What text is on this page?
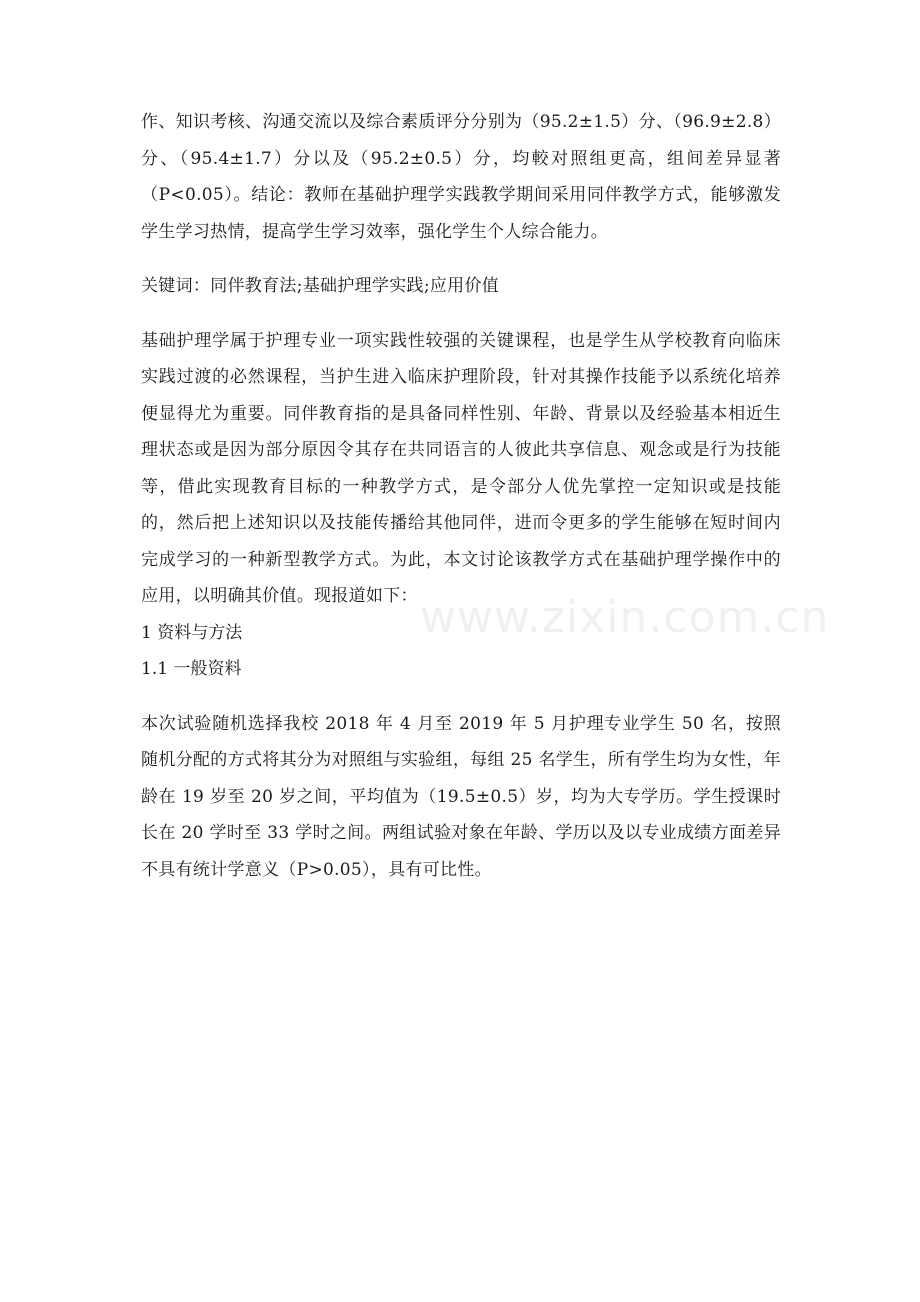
作、知识考核、沟通交流以及综合素质评分分别为（95.2±1.5）分、（96.9±2.8）分、（95.4±1.7）分以及（95.2±0.5）分，均較对照组更高，组间差异显著（P<0.05）。结论：教师在基础护理学实践教学期间采用同伴教学方式，能够激发学生学习热情，提高学生学习效率，强化学生个人综合能力。

关键词：同伴教育法;基础护理学实践;应用价值

基础护理学属于护理专业一项实践性较强的关键课程，也是学生从学校教育向临床实践过渡的必然课程，当护生进入临床护理阶段，针对其操作技能予以系统化培养便显得尤为重要。同伴教育指的是具备同样性别、年龄、背景以及经验基本相近生理状态或是因为部分原因令其存在共同语言的人彼此共享信息、观念或是行为技能等，借此实现教育目标的一种教学方式，是令部分人优先掌控一定知识或是技能的，然后把上述知识以及技能传播给其他同伴，进而令更多的学生能够在短时间内完成学习的一种新型教学方式。为此，本文讨论该教学方式在基础护理学操作中的应用，以明确其价值。现报道如下：

1 资料与方法

1.1 一般资料

本次试验随机选择我校 2018 年 4 月至 2019 年 5 月护理专业学生 50 名，按照随机分配的方式将其分为对照组与实验组，每组 25 名学生，所有学生均为女性，年龄在 19 岁至 20 岁之间，平均值为（19.5±0.5）岁，均为大专学历。学生授课时长在 20 学时至 33 学时之间。两组试验对象在年龄、学历以及以专业成绩方面差异不具有统计学意义（P>0.05），具有可比性。

www.zixin.com.cn
